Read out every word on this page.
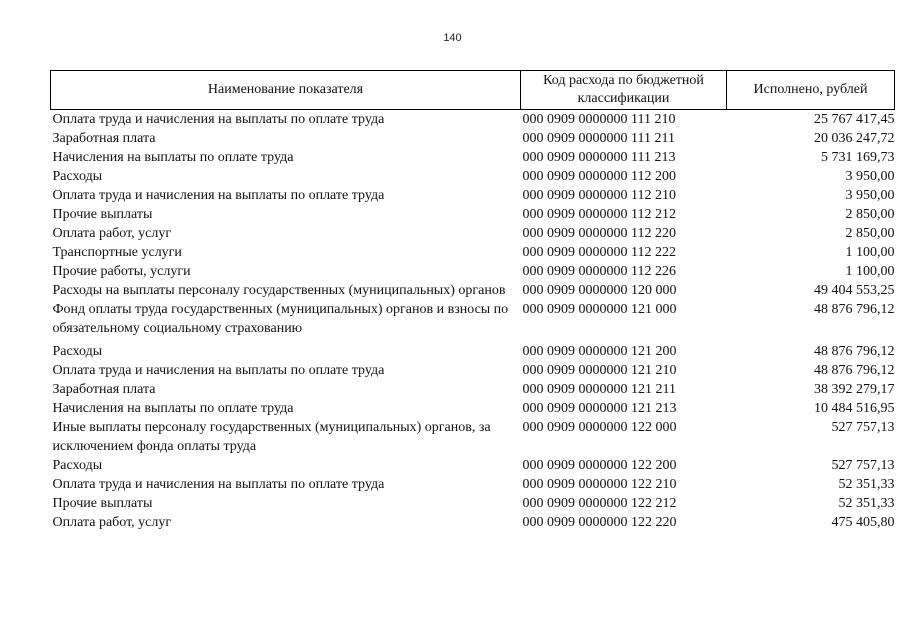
140
Наименование показателя	Код расхода по бюджетной классификации	Исполнено, рублей
Оплата труда и начисления на выплаты по оплате труда	000 0909 0000000 111 210	25 767 417,45
Заработная плата	000 0909 0000000 111 211	20 036 247,72
Начисления на выплаты по оплате труда	000 0909 0000000 111 213	5 731 169,73
Расходы	000 0909 0000000 112 200	3 950,00
Оплата труда и начисления на выплаты по оплате труда	000 0909 0000000 112 210	3 950,00
Прочие выплаты	000 0909 0000000 112 212	2 850,00
Оплата работ, услуг	000 0909 0000000 112 220	2 850,00
Транспортные услуги	000 0909 0000000 112 222	1 100,00
Прочие работы, услуги	000 0909 0000000 112 226	1 100,00
Расходы на выплаты персоналу государственных (муниципальных) органов	000 0909 0000000 120 000	49 404 553,25
Фонд оплаты труда государственных (муниципальных) органов и взносы по обязательному социальному страхованию	000 0909 0000000 121 000	48 876 796,12
Расходы	000 0909 0000000 121 200	48 876 796,12
Оплата труда и начисления на выплаты по оплате труда	000 0909 0000000 121 210	48 876 796,12
Заработная плата	000 0909 0000000 121 211	38 392 279,17
Начисления на выплаты по оплате труда	000 0909 0000000 121 213	10 484 516,95
Иные выплаты персоналу государственных (муниципальных) органов, за исключением фонда оплаты труда	000 0909 0000000 122 000	527 757,13
Расходы	000 0909 0000000 122 200	527 757,13
Оплата труда и начисления на выплаты по оплате труда	000 0909 0000000 122 210	52 351,33
Прочие выплаты	000 0909 0000000 122 212	52 351,33
Оплата работ, услуг	000 0909 0000000 122 220	475 405,80
